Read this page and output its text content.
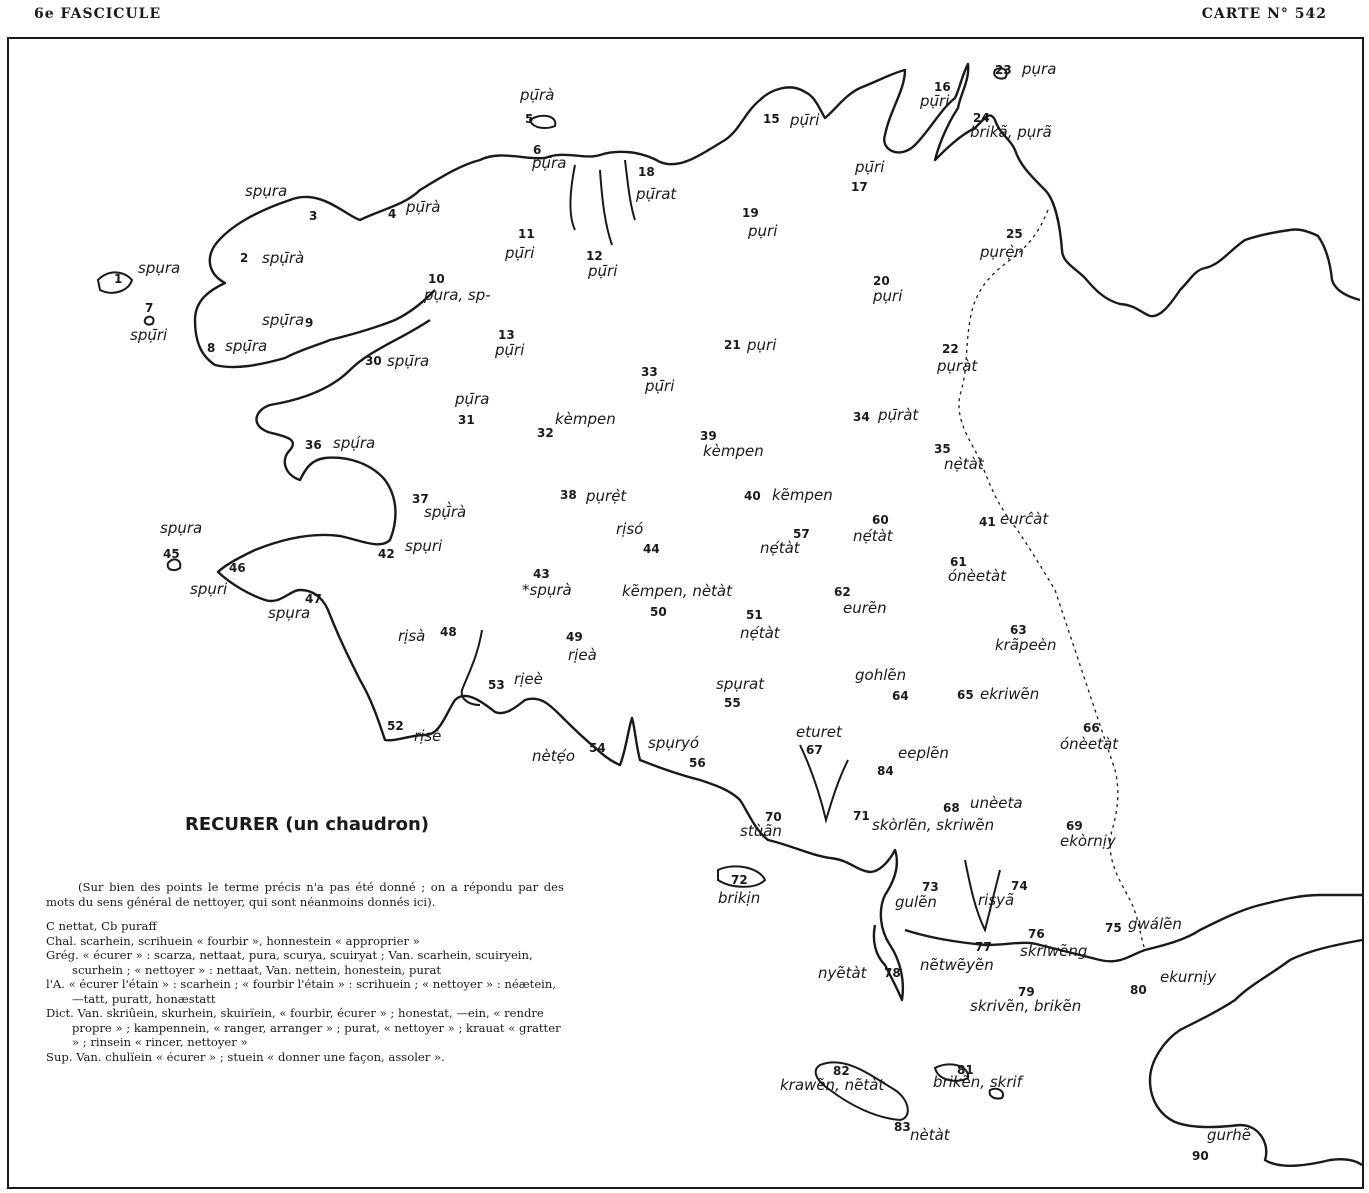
6e FASCICULE	CARTE N° 542
1
spụra
2 spụ̄rà
3
spụra
4 pụ̄rà
5
pụ̄rà
6
pụ̄ra
7
spụ̄ri
8 spụ̄ra
9
spụ̄ra
10
pụra, sp-
11
pụ̄ri	12
pụ̄ri
13
pụ̄ri
15 pụ̄ri
16
pụ̄ri
17
pụ̄ri
18
pụ̄rat
19
pụri
20
pụri
21 pụri	22
pụràt
23 pụra
24
brikã, pụrã
25
pụrẹ̀n
30 spụ̄ra
31
pụ̄ra
32
kèmpen
33
pụ̄ri
34 pụ̄ràt
35
nẹ̀tàt
36 spụ́ra
37
spụ̄̀rà
38 pụrẹ̀t
39
kèmpen
40 kẽmpen
41 eurĉàt
42 spụri
43
*spụrà
44
rịsó
45
spụra
46
spụri
47
spụra
48
rịsà	49
rịeà
50
kẽmpen, nètàt
51
nẹ́tàt
52
rịsè
53 rịeè
54
nètẹ́o
55
spụrat
56
spụryó
57
nẹ́tàt
60
nẹ́tàt
61
ónèetàt
62
eurẽn
63
krãpeèn
64
gohlẽn
65 ekriwẽn
66
ónèetàt
67
eturet
68 unèeta
69
ekòrnịy
70
stùãn
71 skòrlẽn, skriwẽn
72
brikịn
73
gulẽn
74
risyã
75 gwálẽn
76
skriwẽng
77
nẽtwẽyẽn
78
nyẽtàt
79
skrivẽn, brikẽn
80
ekurnịy
81
brikẽn, skrif
82
krawẽn, nẽtàt
83 nètàt
84
eeplẽn
90
gurhẽ
RECURER (un chaudron)

(Sur bien des points le terme précis n'a pas été donné ; on a répondu par des mots du sens général de nettoyer, qui sont néanmoins donnés ici).

C nettat, Cb puraff

Chal. scarhein, scrihuein « fourbir », honnestein « approprier »

Grég. « écurer » : scarza, nettaat, pura, scurya, scuiryat ; Van. scarhein, scuiryein, scurhein ; « nettoyer » : nettaat, Van. nettein, honestein, purat

l'A. « écurer l'étain » : scarhein ; « fourbir l'étain » : scrihuein ; « nettoyer » : néætein, —tatt, puratt, honæstatt

Dict. Van. skriûein, skurhein, skuirïein, « fourbir, écurer » ; honestat, —ein, « rendre propre » ; kampennein, « ranger, arranger » ; purat, « nettoyer » ; krauat « gratter » ; rinsein « rincer, nettoyer »

Sup. Van. chulïein « écurer » ; stuein « donner une façon, assoler ».
